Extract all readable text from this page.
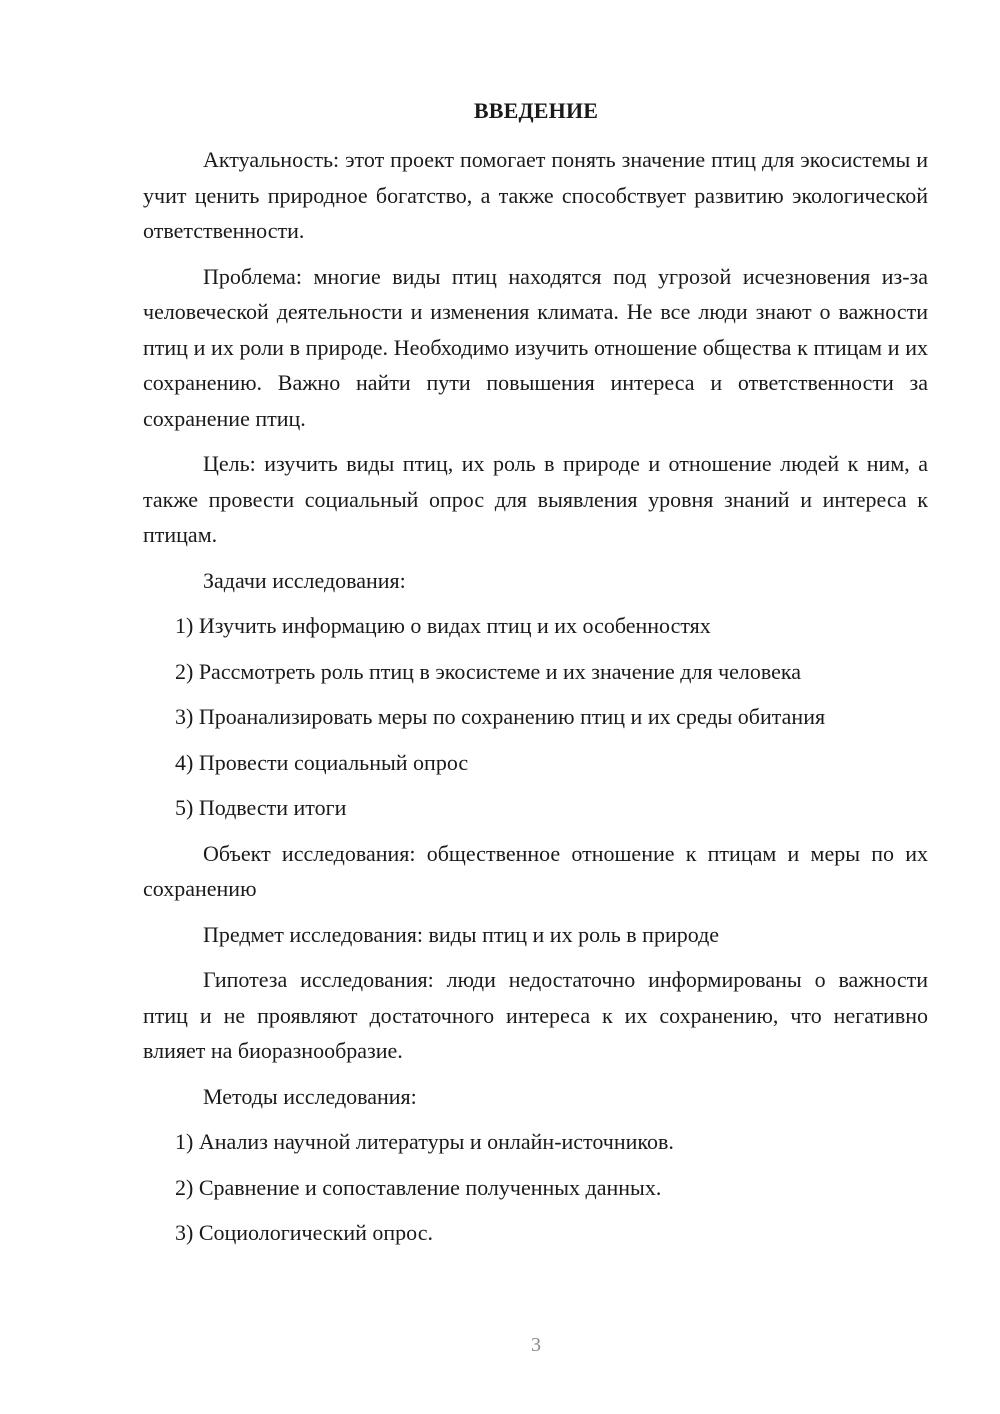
ВВЕДЕНИЕ

Актуальность: этот проект помогает понять значение птиц для экосистемы и учит ценить природное богатство, а также способствует развитию экологической ответственности.

Проблема: многие виды птиц находятся под угрозой исчезновения из-за человеческой деятельности и изменения климата. Не все люди знают о важности птиц и их роли в природе. Необходимо изучить отношение общества к птицам и их сохранению. Важно найти пути повышения интереса и ответственности за сохранение птиц.

Цель: изучить виды птиц, их роль в природе и отношение людей к ним, а также провести социальный опрос для выявления уровня знаний и интереса к птицам.

Задачи исследования:

1) Изучить информацию о видах птиц и их особенностях
2) Рассмотреть роль птиц в экосистеме и их значение для человека
3) Проанализировать меры по сохранению птиц и их среды обитания
4) Провести социальный опрос
5) Подвести итоги

Объект исследования: общественное отношение к птицам и меры по их сохранению

Предмет исследования: виды птиц и их роль в природе

Гипотеза исследования: люди недостаточно информированы о важности птиц и не проявляют достаточного интереса к их сохранению, что негативно влияет на биоразнообразие.

Методы исследования:

1) Анализ научной литературы и онлайн-источников.
2) Сравнение и сопоставление полученных данных.
3) Социологический опрос.
3
